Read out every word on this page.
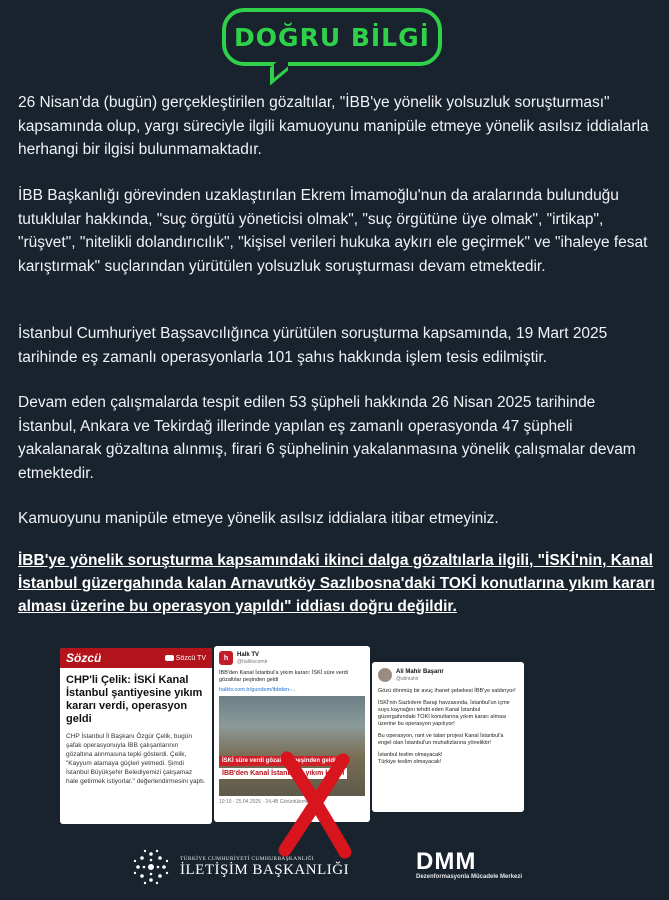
DOĞRU BİLGİ

26 Nisan'da (bugün) gerçekleştirilen gözaltılar, "İBB'ye yönelik yolsuzluk soruşturması" kapsamında olup, yargı süreciyle ilgili kamuoyunu manipüle etmeye yönelik asılsız iddialarla herhangi bir ilgisi bulunmamaktadır.

İBB Başkanlığı görevinden uzaklaştırılan Ekrem İmamoğlu'nun da aralarında bulunduğu tutuklular hakkında, "suç örgütü yöneticisi olmak", "suç örgütüne üye olmak", "irtikap", "rüşvet", "nitelikli dolandırıcılık", "kişisel verileri hukuka aykırı ele geçirmek" ve "ihaleye fesat karıştırmak" suçlarından yürütülen yolsuzluk soruşturması devam etmektedir.

İstanbul Cumhuriyet Başsavcılığınca yürütülen soruşturma kapsamında, 19 Mart 2025 tarihinde eş zamanlı operasyonlarla 101 şahıs hakkında işlem tesis edilmiştir.

Devam eden çalışmalarda tespit edilen 53 şüpheli hakkında 26 Nisan 2025 tarihinde İstanbul, Ankara ve Tekirdağ illerinde yapılan eş zamanlı operasyonda 47 şüpheli yakalanarak gözaltına alınmış, firari 6 şüphelinin yakalanmasına yönelik çalışmalar devam etmektedir.

Kamuoyunu manipüle etmeye yönelik asılsız iddialara itibar etmeyiniz.

İBB'ye yönelik soruşturma kapsamındaki ikinci dalga gözaltılarla ilgili, "İSKİ'nin, Kanal İstanbul güzergahında kalan Arnavutköy Sazlıbosna'daki TOKİ konutlarına yıkım kararı alması üzerine bu operasyon yapıldı" iddiası doğru değildir.

Sözcü	Sözcü TV

CHP'li Çelik: İSKİ Kanal İstanbul şantiyesine yıkım kararı verdi, operasyon geldi

CHP İstanbul İl Başkanı Özgür Çelik, bugün şafak operasyonuyla İBB çalışanlarının gözaltına alınmasına tepki gösterdi. Çelik, "Kayyum atamaya güçleri yetmedi. Şimdi İstanbul Büyükşehir Belediyemizi çalışamaz hale getirmek istiyorlar." değerlendirmesini yaptı.

h	Halk TV
@halktvcomtr

İBB'den Kanal İstanbul'a yıkım kararı: İSKİ süre verdi gözaltılar peşinden geldi

halktv.com.tr/gundem/ibbden-...

İSKİ süre verdi gözaltılar peşinden geldi
İBB'den Kanal İstanbul'a yıkım kararı
10:10 · 25.04.2025 · 24,4B Görüntüleme
Ali Mahir Başarır
@alimahir

Gözü dönmüş bir avuç ihanet şebekesi İBB'ye saldırıyor!

İSKİ'nin Sazlıdere Barajı havzasında, İstanbul'un içme suyu kaynağını tehdit eden Kanal İstanbul güzergahındaki TOKİ konutlarına yıkım kararı alması üzerine bu operasyon yapılıyor!

Bu operasyon, rant ve talan projesi Kanal İstanbul'a engel olan İstanbul'un muhafızlarına yöneliktir!

İstanbul teslim olmayacak!
Türkiye teslim olmayacak!

TÜRKİYE CUMHURİYETİ CUMHURBAŞKANLIĞI
İLETİŞİM BAŞKANLIĞI	DMM
Dezenformasyonla Mücadele Merkezi
